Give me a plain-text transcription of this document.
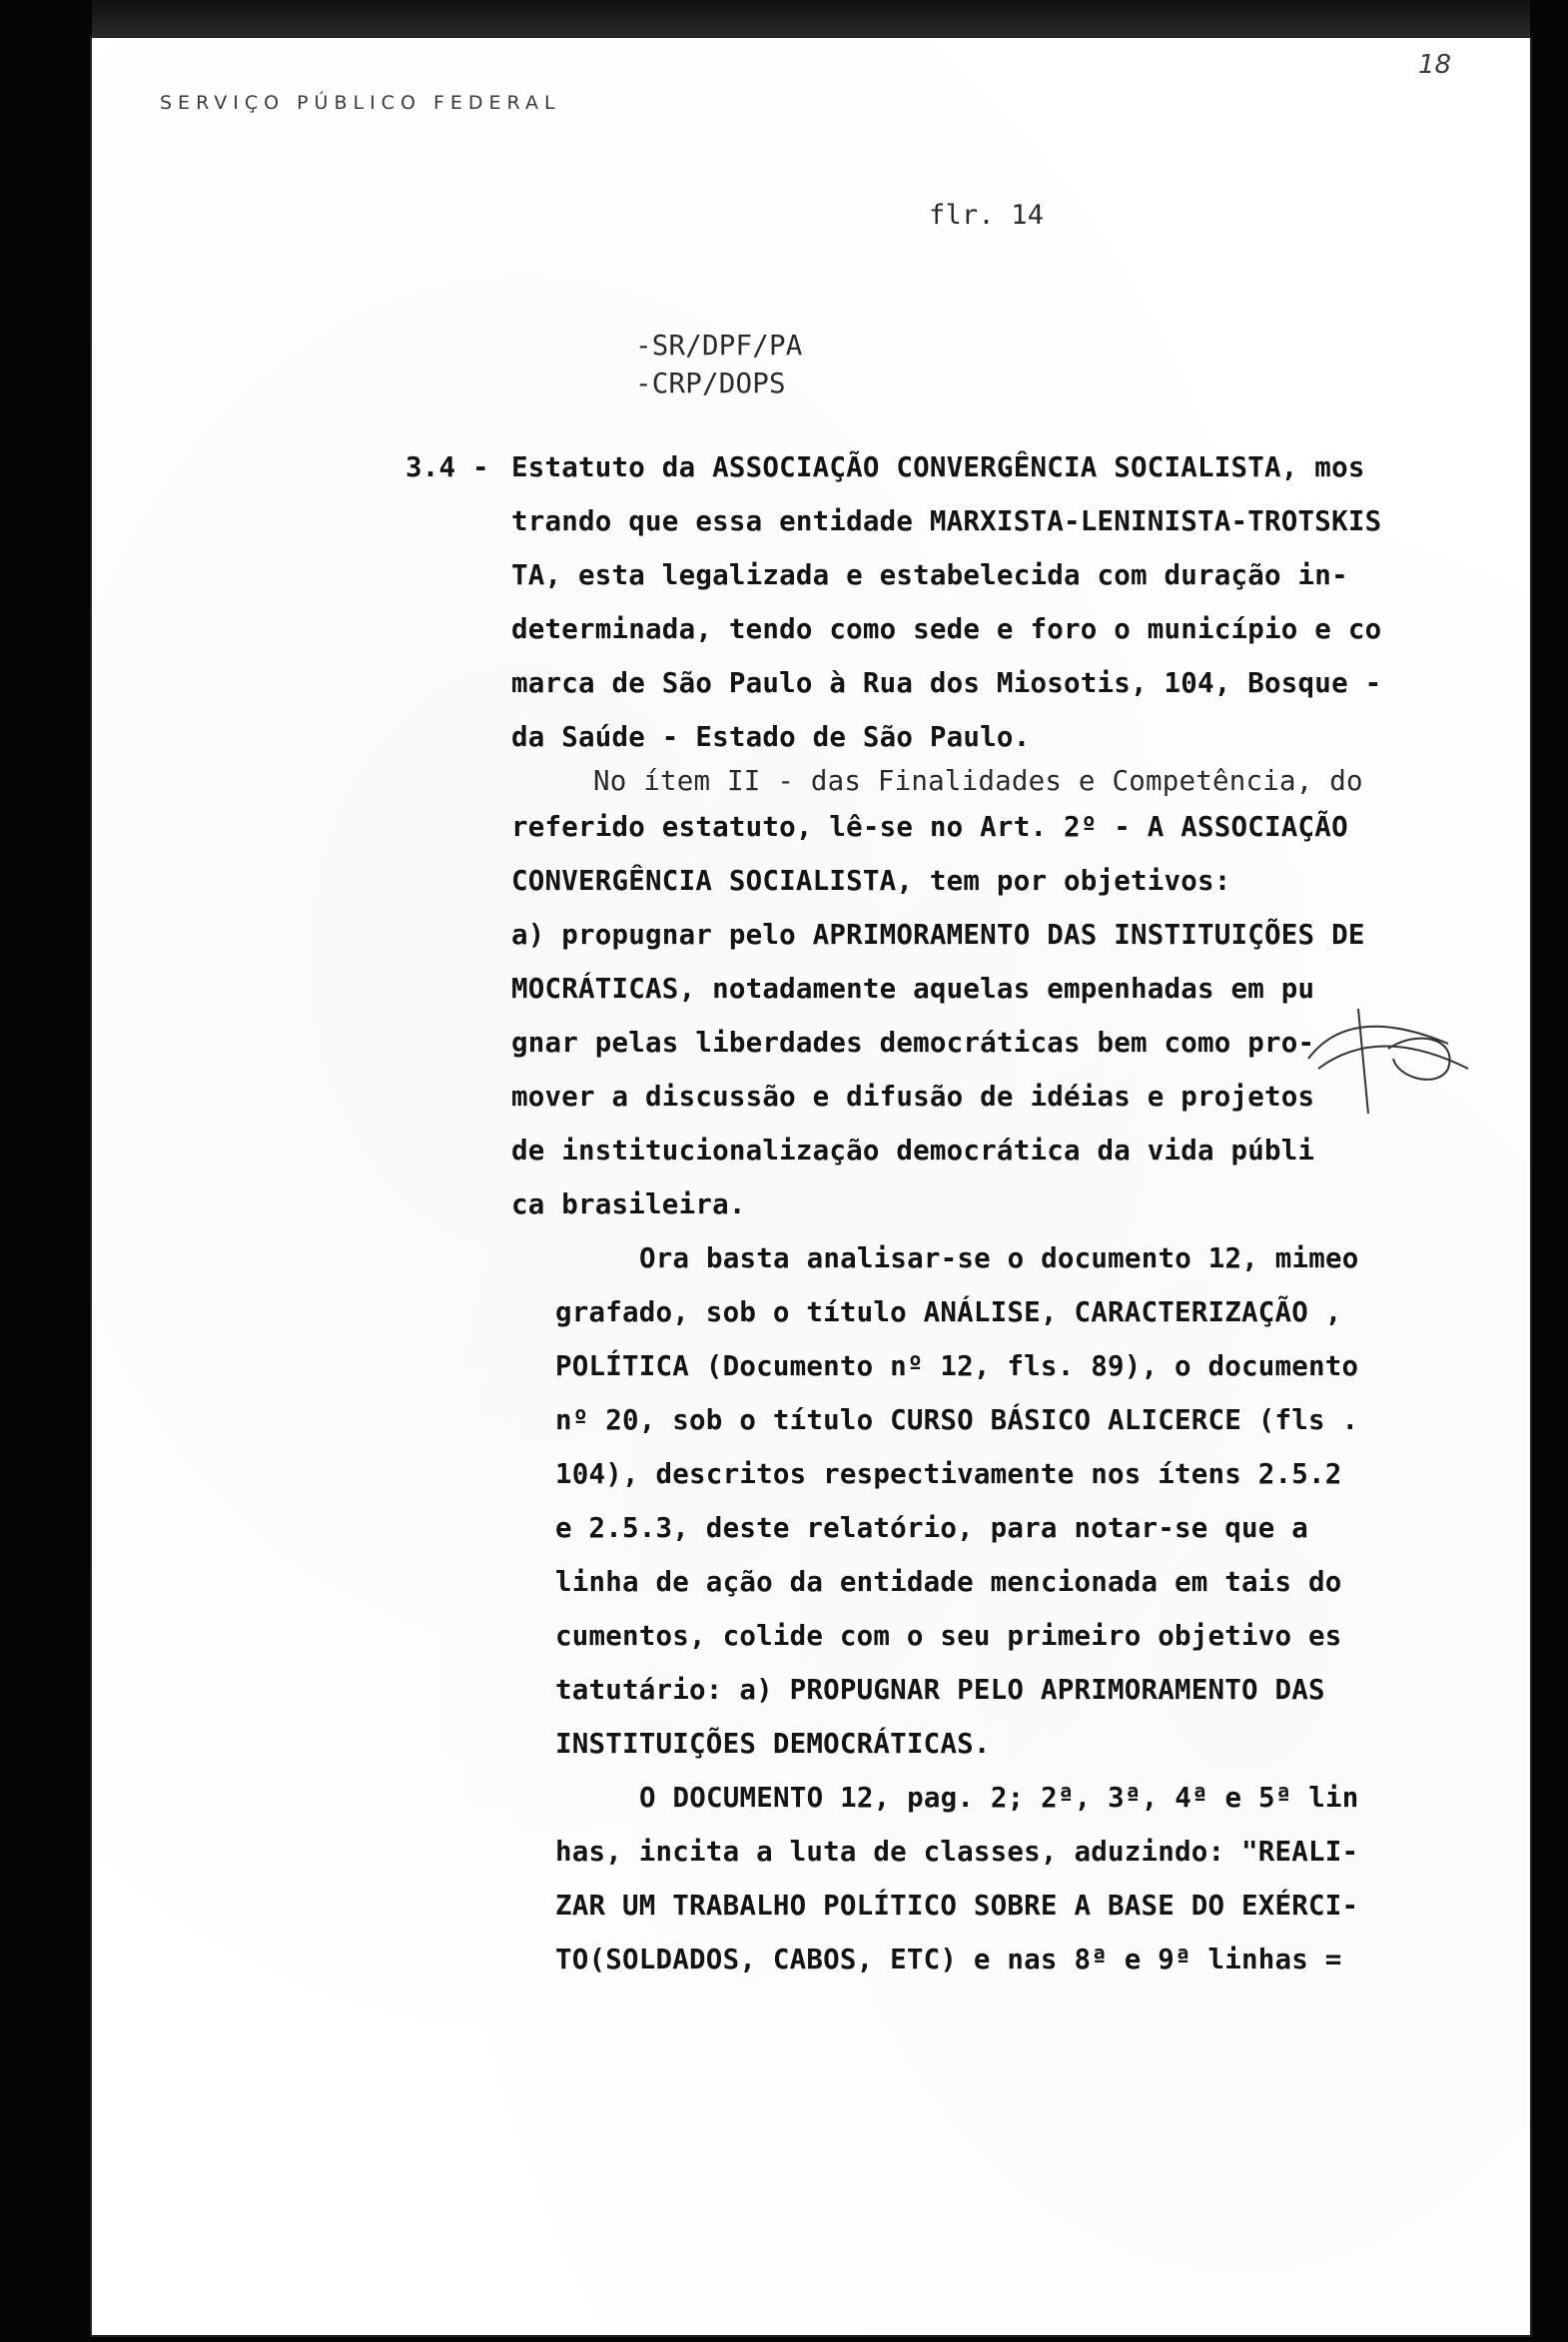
SERVIÇO PÚBLICO FEDERAL

18

flr. 14

-SR/DPF/PA

-CRP/DOPS

3.4 - Estatuto da ASSOCIAÇÃO CONVERGÊNCIA SOCIALISTA, mos

trando que essa entidade MARXISTA-LENINISTA-TROTSKIS

TA, esta legalizada e estabelecida com duração in-

determinada, tendo como sede e foro o município e co

marca de São Paulo à Rua dos Miosotis, 104, Bosque -

da Saúde - Estado de São Paulo.

No ítem II - das Finalidades e Competência, do

referido estatuto, lê-se no Art. 2º - A ASSOCIAÇÃO

CONVERGÊNCIA SOCIALISTA, tem por objetivos:

a) propugnar pelo APRIMORAMENTO DAS INSTITUIÇÕES DE

MOCRÁTICAS, notadamente aquelas empenhadas em pu

gnar pelas liberdades democráticas bem como pro-

mover a discussão e difusão de idéias e projetos

de institucionalização democrática da vida públi

ca brasileira.

Ora basta analisar-se o documento 12, mimeo

grafado, sob o título ANÁLISE, CARACTERIZAÇÃO ,

POLÍTICA (Documento nº 12, fls. 89), o documento

nº 20, sob o título CURSO BÁSICO ALICERCE (fls .

104), descritos respectivamente nos ítens 2.5.2

e 2.5.3, deste relatório, para notar-se que a

linha de ação da entidade mencionada em tais do

cumentos, colide com o seu primeiro objetivo es

tatutário: a) PROPUGNAR PELO APRIMORAMENTO DAS

INSTITUIÇÕES DEMOCRÁTICAS.

O DOCUMENTO 12, pag. 2; 2ª, 3ª, 4ª e 5ª lin

has, incita a luta de classes, aduzindo: "REALI-

ZAR UM TRABALHO POLÍTICO SOBRE A BASE DO EXÉRCI-

TO(SOLDADOS, CABOS, ETC) e nas 8ª e 9ª linhas =
